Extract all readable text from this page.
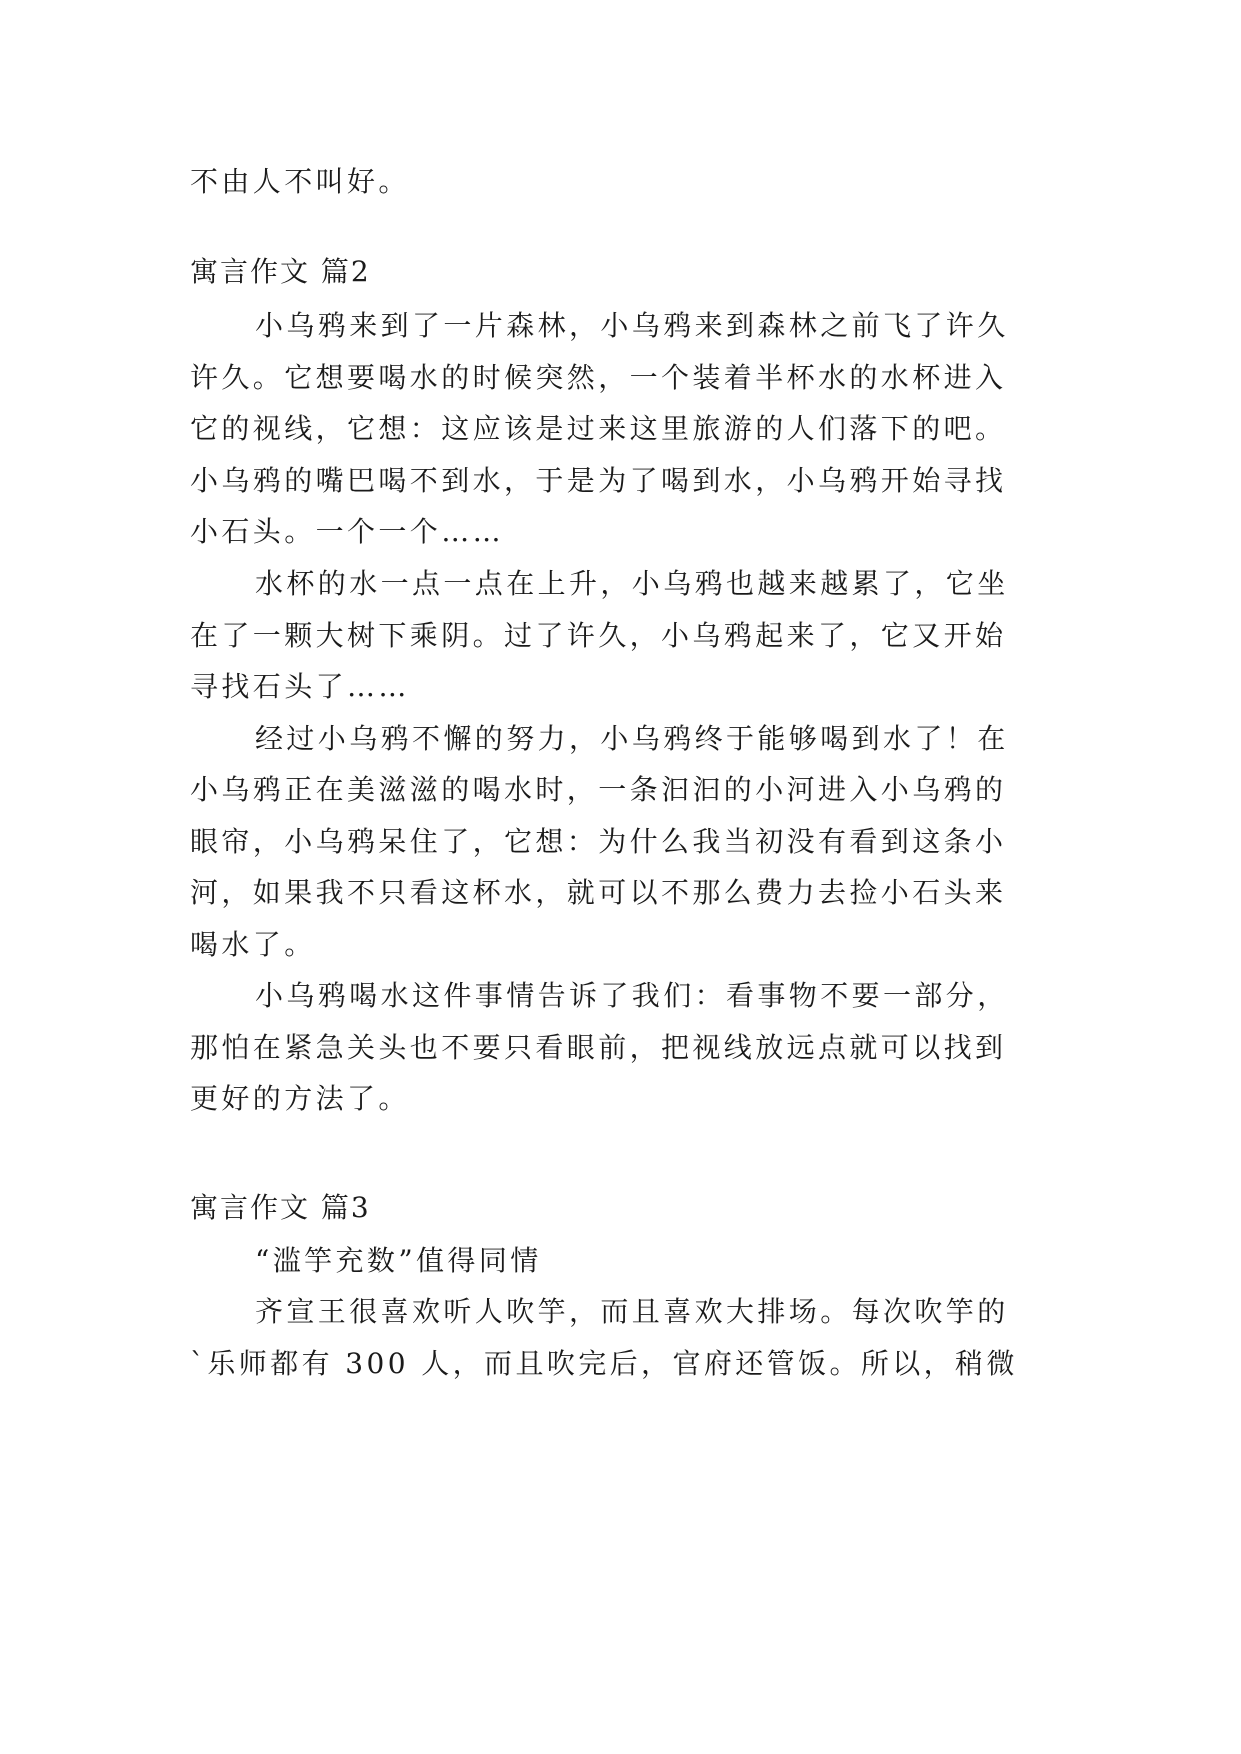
不由人不叫好。
寓言作文 篇2
小乌鸦来到了一片森林，小乌鸦来到森林之前飞了许久
许久。它想要喝水的时候突然，一个装着半杯水的水杯进入
它的视线，它想：这应该是过来这里旅游的人们落下的吧。
小乌鸦的嘴巴喝不到水，于是为了喝到水，小乌鸦开始寻找
小石头。一个一个……
水杯的水一点一点在上升，小乌鸦也越来越累了，它坐
在了一颗大树下乘阴。过了许久，小乌鸦起来了，它又开始
寻找石头了……
经过小乌鸦不懈的努力，小乌鸦终于能够喝到水了！在
小乌鸦正在美滋滋的喝水时，一条汩汩的小河进入小乌鸦的
眼帘，小乌鸦呆住了，它想：为什么我当初没有看到这条小
河，如果我不只看这杯水，就可以不那么费力去捡小石头来
喝水了。
小乌鸦喝水这件事情告诉了我们：看事物不要一部分，
那怕在紧急关头也不要只看眼前，把视线放远点就可以找到
更好的方法了。
寓言作文 篇3
“滥竽充数”值得同情
齐宣王很喜欢听人吹竽，而且喜欢大排场。每次吹竽的
`乐师都有 300 人，而且吹完后，官府还管饭。所以，稍微
